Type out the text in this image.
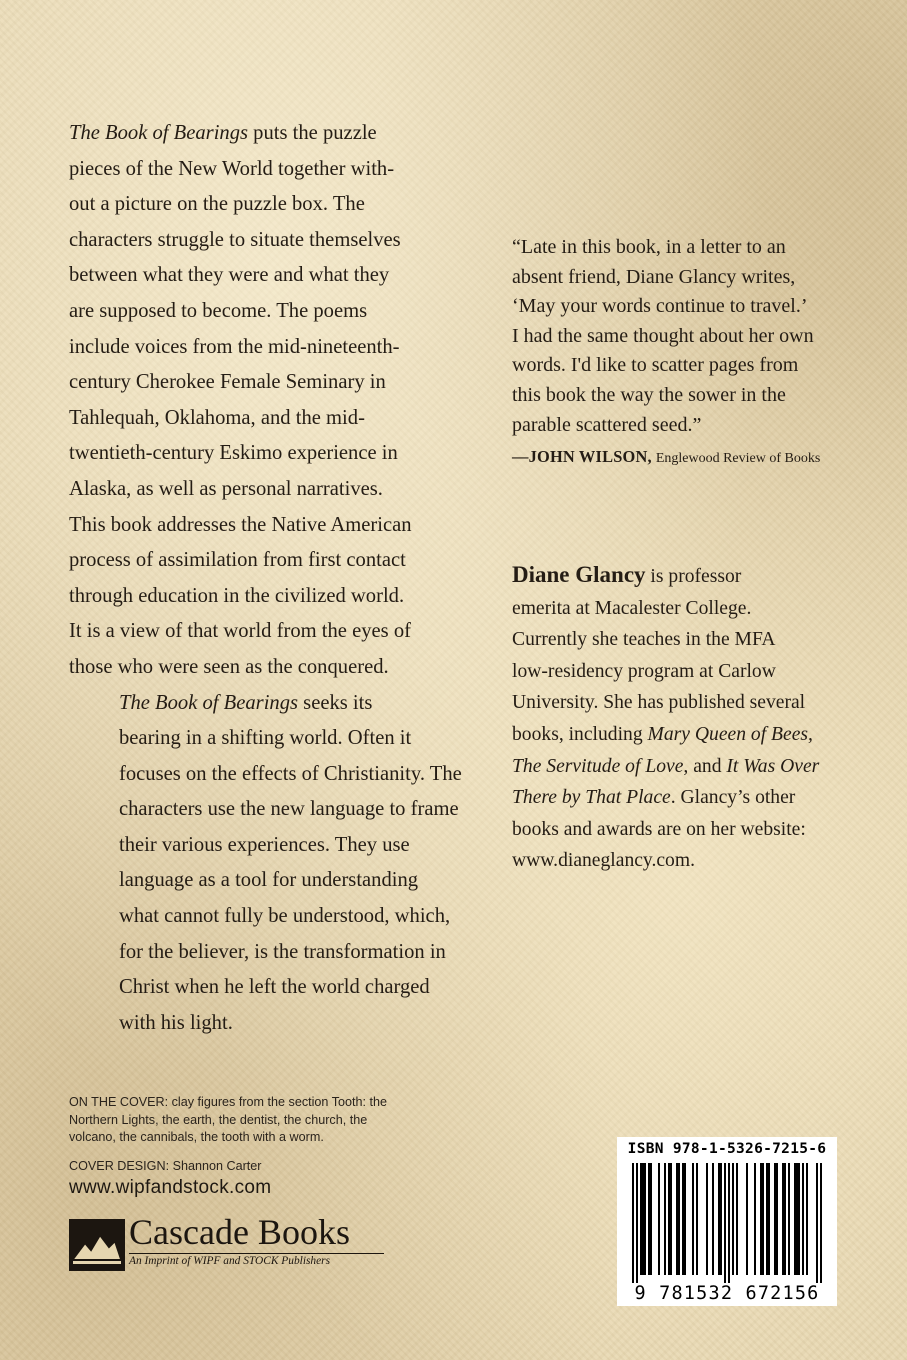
The Book of Bearings puts the puzzle
pieces of the New World together with-
out a picture on the puzzle box. The
characters struggle to situate themselves
between what they were and what they
are supposed to become. The poems
include voices from the mid-nineteenth-
century Cherokee Female Seminary in
Tahlequah, Oklahoma, and the mid-
twentieth-century Eskimo experience in
Alaska, as well as personal narratives.
This book addresses the Native American
process of assimilation from first contact
through education in the civilized world.
It is a view of that world from the eyes of
those who were seen as the conquered.

The Book of Bearings seeks its
bearing in a shifting world. Often it
focuses on the effects of Christianity. The
characters use the new language to frame
their various experiences. They use
language as a tool for understanding
what cannot fully be understood, which,
for the believer, is the transformation in
Christ when he left the world charged
with his light.

“Late in this book, in a letter to an
absent friend, Diane Glancy writes,
‘May your words continue to travel.’
I had the same thought about her own
words. I'd like to scatter pages from
this book the way the sower in the
parable scattered seed.”
—JOHN WILSON, Englewood Review of Books
Diane Glancy is professor
emerita at Macalester College.
Currently she teaches in the MFA
low-residency program at Carlow
University. She has published several
books, including Mary Queen of Bees,
The Servitude of Love, and It Was Over
There by That Place. Glancy’s other
books and awards are on her website:
www.dianeglancy.com.
ON THE COVER: clay figures from the section Tooth: the
Northern Lights, the earth, the dentist, the church, the
volcano, the cannibals, the tooth with a worm.
COVER DESIGN: Shannon Carter
www.wipfandstock.com
Cascade Books
An Imprint of WIPF and STOCK Publishers
ISBN 978-1-5326-7215-6
9 781532 672156
